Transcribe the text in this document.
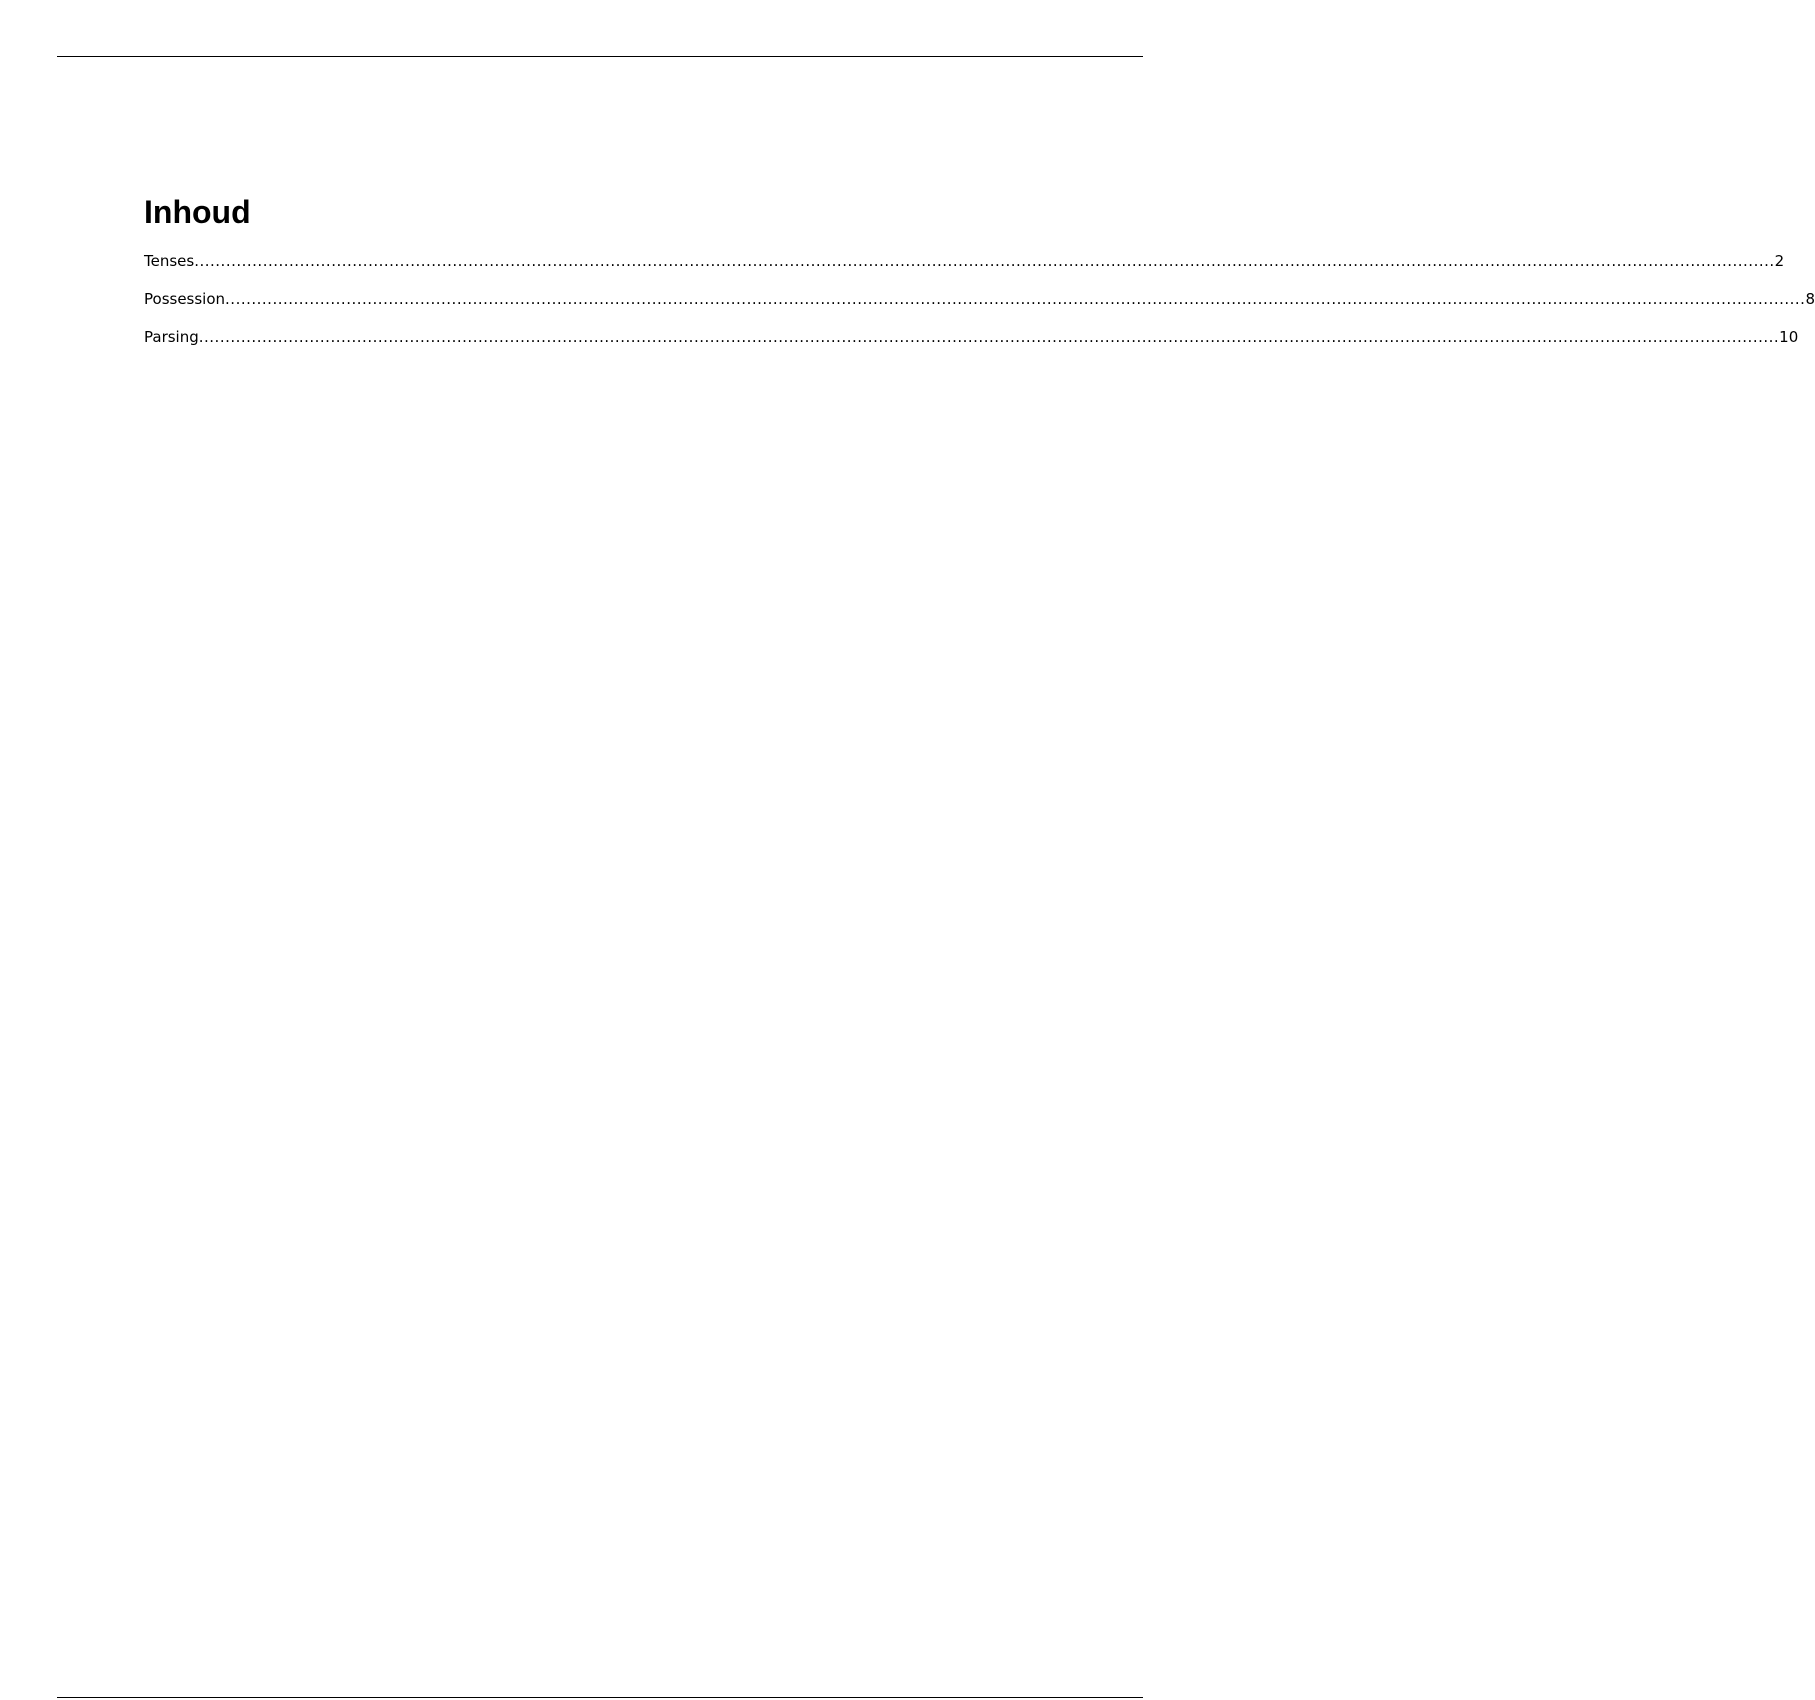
Inhoud
Tenses ............................................................................................................................................................................................................................................................................................................ 2
Possession ............................................................................................................................................................................................................................................................................................................ 8
Parsing ............................................................................................................................................................................................................................................................................................................ 10
